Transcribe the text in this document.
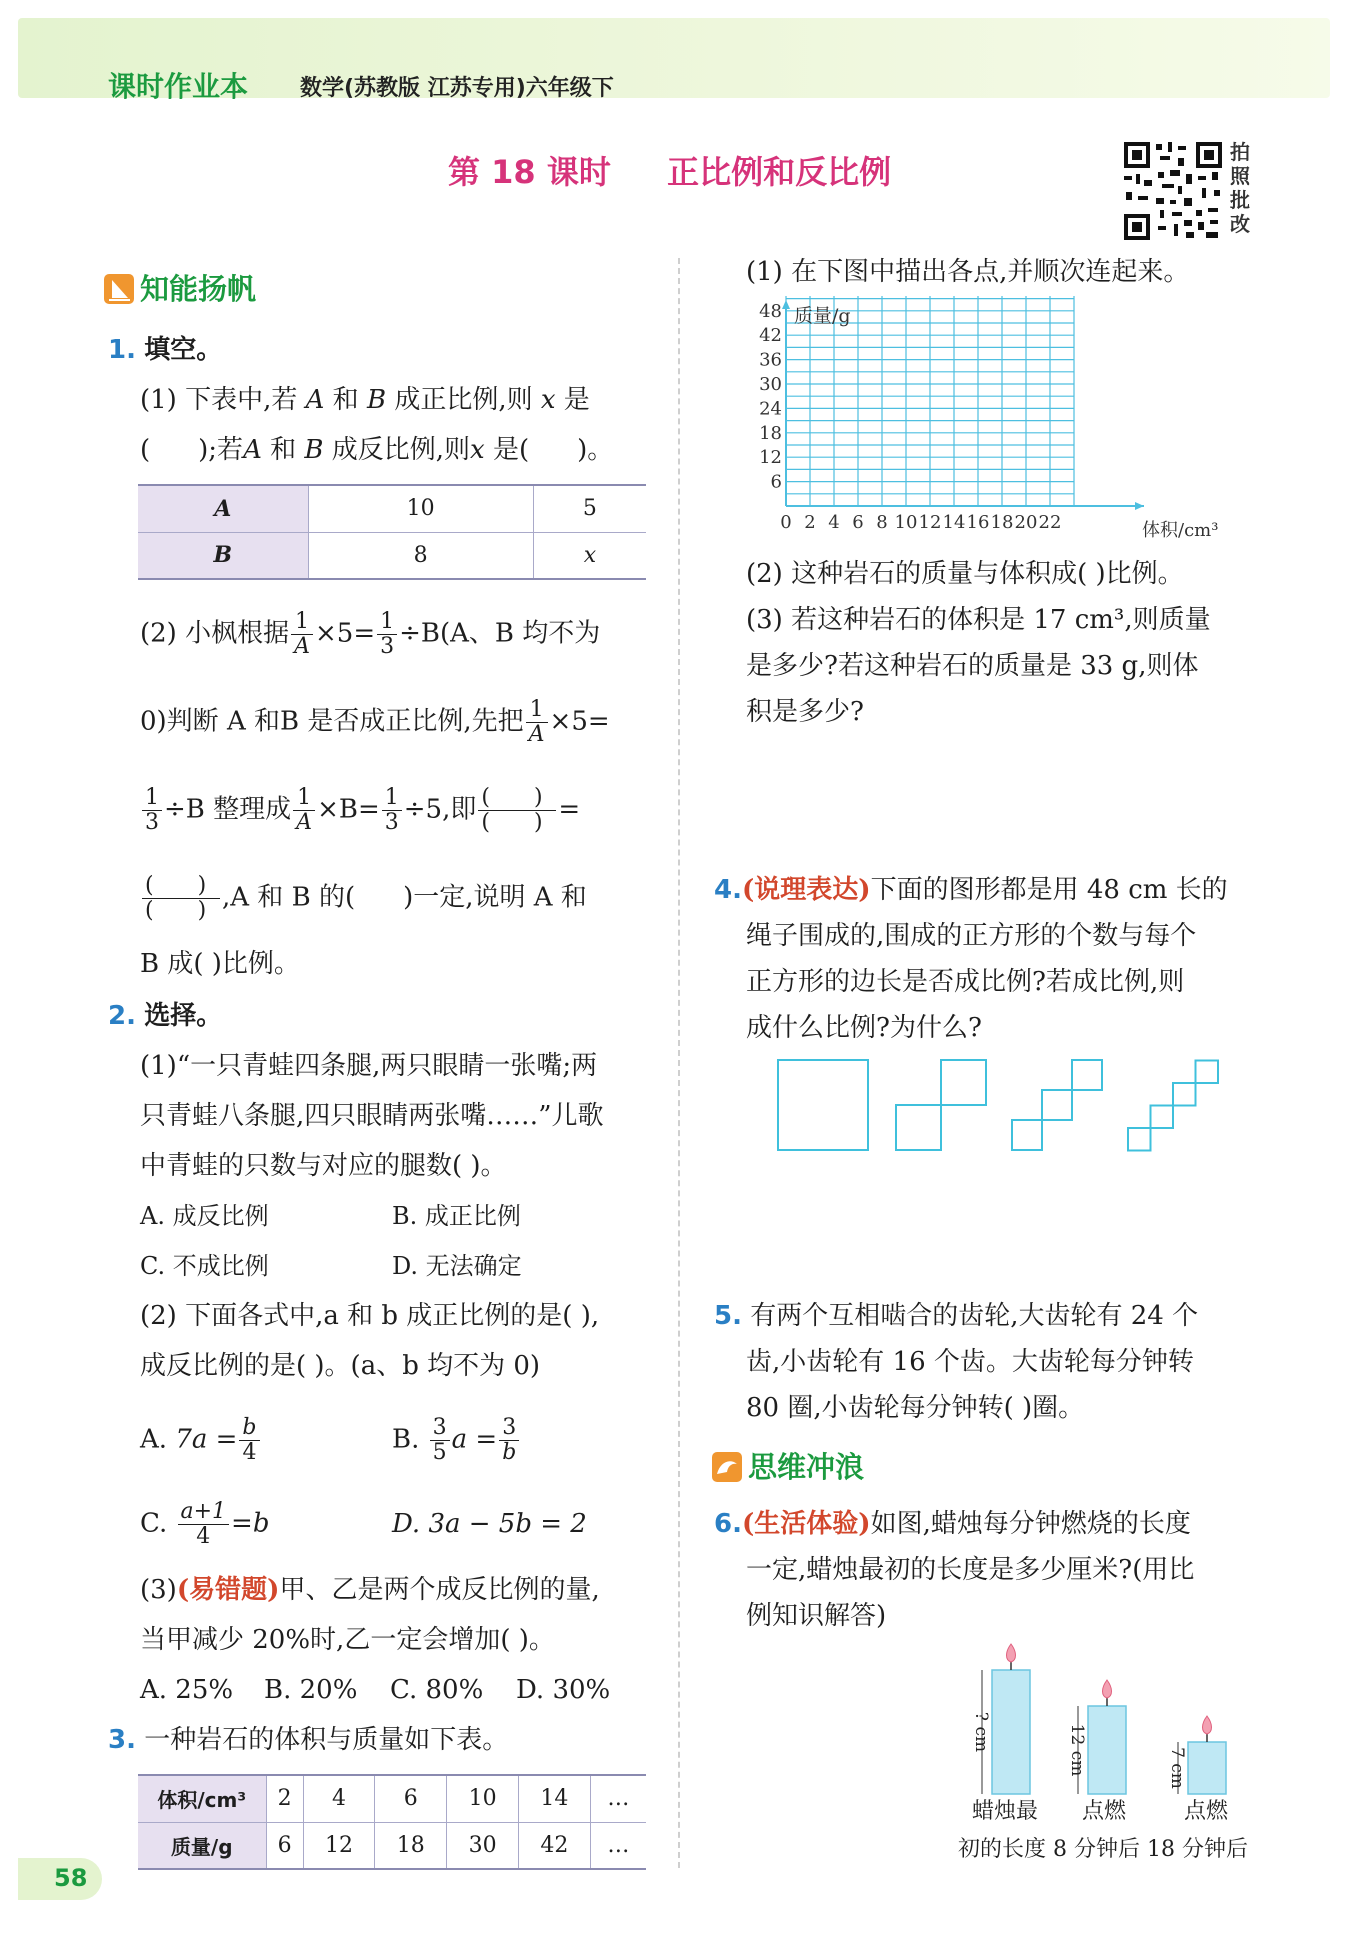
课时作业本 数学(苏教版 江苏专用)六年级下
第 18 课时 正比例和反比例
拍
照
批
改
知能扬帆
1. 填空。
(1) 下表中,若 A 和 B 成正比例,则 x 是
( );若A 和 B 成反比例,则x 是( )。
A	10	5
B	8	x
(2) 小枫根据 $\frac{1}{A} \times 5= \frac{1}{3} \div B(A$、B 均不为
0)判断 A 和B 是否成正比例,先把 $\frac{1}{A} \times 5=$
$\frac{1}{3} \div B$ 整理成 $\frac{1}{A} \times B= \frac{1}{3} \div 5$,即 $\frac{( )}{( )}$ =
$\frac{( )}{( )} ,A$ 和 B 的( )一定,说明 A 和
B 成( )比例。
2. 选择。
(1)“一只青蛙四条腿,两只眼睛一张嘴;两
只青蛙八条腿,四只眼睛两张嘴……”儿歌
中青蛙的只数与对应的腿数( )。
A. 成反比例	B. 成正比例
C. 不成比例	D. 无法确定
(2) 下面各式中,a 和 b 成正比例的是( ),
成反比例的是( )。(a、b 均不为 0)
A. $7a = \frac{b}{4}$	B. $\frac{3}{5}$ $a = \frac{3}{b}$
C. $\frac{a+1}{4} =b$	D. 3a − 5b = 2
(3)(易错题)甲、乙是两个成反比例的量,
当甲减少 20%时,乙一定会增加( )。
A. 25% B. 20% C. 80% D. 30%
3. 一种岩石的体积与质量如下表。
体积/cm³	2	4	6	10	14	…
质量/g	6	12	18	30	42	…
58
(1) 在下图中描出各点,并顺次连起来。
0 2 4 6 8 10 12 14 16 18 20 22
6
12
18
24
30
36
42
48 质量/g
体积/cm³
(2) 这种岩石的质量与体积成( )比例。
(3) 若这种岩石的体积是 17 cm³,则质量
是多少?若这种岩石的质量是 33 g,则体
积是多少?
4.(说理表达)下面的图形都是用 48 cm 长的
绳子围成的,围成的正方形的个数与每个
正方形的边长是否成比例?若成比例,则
成什么比例?为什么?
5. 有两个互相啮合的齿轮,大齿轮有 24 个
齿,小齿轮有 16 个齿。大齿轮每分钟转
80 圈,小齿轮每分钟转( )圈。
思维冲浪
6.(生活体验)如图,蜡烛每分钟燃烧的长度
一定,蜡烛最初的长度是多少厘米?(用比
例知识解答)
? cm	12 cm	7 cm
蜡烛最 点燃	点燃
初的长度 8 分钟后 18 分钟后
